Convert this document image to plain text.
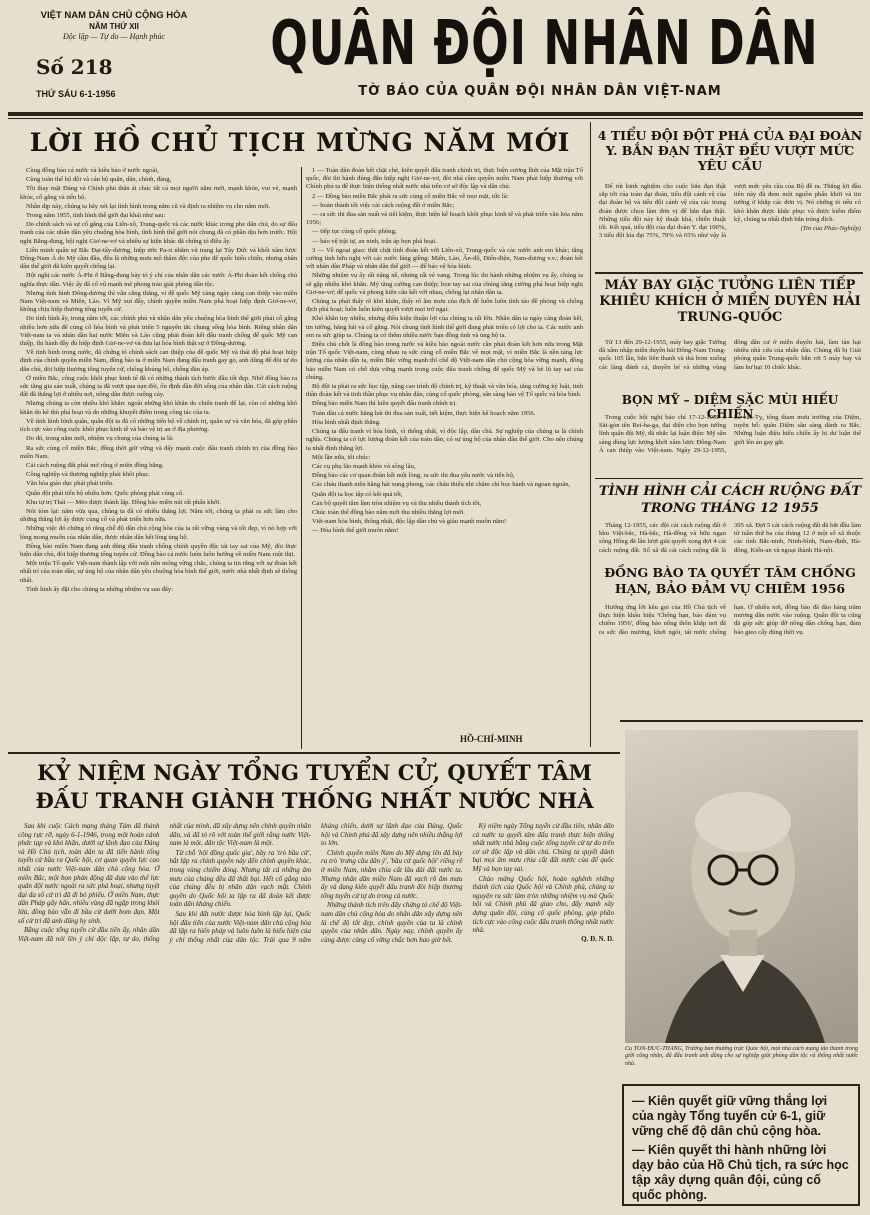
VIỆT NAM DÂN CHỦ CỘNG HÒA
NĂM THỨ XII
Độc lập — Tự do — Hạnh phúc
Số 218
THỨ SÁU 6-1-1956
QUÂN ĐỘI NHÂN DÂN
TỜ BÁO CỦA QUÂN ĐỘI NHÂN DÂN VIỆT-NAM
LỜI HỒ CHỦ TỊCH MỪNG NĂM MỚI

Cùng đồng bào cả nước và kiều bào ở nước ngoài,

Cùng toàn thể bộ đội và cán bộ quân, dân, chính, đảng,

Tôi thay mặt Đảng và Chính phủ thân ái chúc tất cả mọi người năm mới, mạnh khỏe, vui vẻ, mạnh khỏe, cố gắng và tiến bộ.

Nhân dịp này, chúng ta hãy xét lại tình hình trong năm cũ và định ra nhiệm vụ cho năm mới.

Trong năm 1955, tình hình thế giới đại khái như sau:

Do chính sách và sự cố gắng của Liên-xô, Trung-quốc và các nước khác trong phe dân chủ, do sự đấu tranh của các nhân dân yêu chuộng hòa bình, tình hình thế giới nói chung đã có phần dịu hơn trước. Hội nghị Băng-đung, hội nghị Giơ-ne-vơ và nhiều sự kiện khác đã chứng tỏ điều ấy.

Liên minh quân sự Bắc Đại-tây-dương, hiệp ước Pa-ri nhằm vũ trang lại Tây Đức và khối xâm lược Đông-Nam Á do Mỹ cầm đầu, đều là những mưu mô thâm độc của phe đế quốc hiếu chiến, nhưng nhân dân thế giới đã kiên quyết chống lại.

Hội nghị các nước Á-Phi ở Băng-đung bày tỏ ý chí của nhân dân các nước Á-Phi đoàn kết chống chủ nghĩa thực dân. Việc ấy đã cổ vũ mạnh mẽ phong trào giải phóng dân tộc.

Nhưng tình hình Đông-dương thì vẫn căng thẳng, vì đế quốc Mỹ càng ngày càng can thiệp vào miền Nam Việt-nam và Miên, Lào. Vì Mỹ xui đẩy, chính quyền miền Nam phá hoại hiệp định Giơ-ne-vơ, không chịu hiệp thương tổng tuyển cử.

Do tình hình ấy, trong năm tới, các chính phủ và nhân dân yêu chuộng hòa bình thế giới phải cố gắng nhiều hơn nữa để củng cố hòa bình và phát triển 5 nguyên tắc chung sống hòa bình. Riêng nhân dân Việt-nam ta và nhân dân hai nước Miên và Lào cũng phải đoàn kết đấu tranh chống đế quốc Mỹ can thiệp, thi hành đầy đủ hiệp định Giơ-ne-vơ và đưa lại hòa bình thật sự ở Đông-dương.

Về tình hình trong nước, đã chứng tỏ chính sách can thiệp của đế quốc Mỹ và thái độ phá hoại hiệp định của chính quyền miền Nam, đồng bào ta ở miền Nam đang đấu tranh gay go, anh dũng để đòi tự do dân chủ, đòi hiệp thương tổng tuyển cử, chống khủng bố, chống đàn áp.

Ở miền Bắc, công cuộc khôi phục kinh tế đã có những thành tích bước đầu tốt đẹp. Nhờ đồng bào ra sức tăng gia sản xuất, chúng ta đã vượt qua nạn đói, ổn định dần đời sống của nhân dân. Cải cách ruộng đất đã thắng lợi ở nhiều nơi, nông dân được ruộng cày.

Nhưng chúng ta còn nhiều khó khăn: ngoài những khó khăn do chiến tranh để lại, còn có những khó khăn do kẻ thù phá hoại và do những khuyết điểm trong công tác của ta.

Về tình hình bình quân, quân đội ta đã có những tiến bộ về chính trị, quân sự và văn hóa, đã góp phần tích cực vào công cuộc khôi phục kinh tế và bảo vệ trị an ở địa phương.

Do đó, trong năm mới, nhiệm vụ chung của chúng ta là:

Ra sức củng cố miền Bắc, đồng thời giữ vững và đẩy mạnh cuộc đấu tranh chính trị của đồng bào miền Nam.

Cải cách ruộng đất phải mở rộng ở miền đồng bằng.

Công nghiệp và thương nghiệp phải khôi phục.

Văn hóa giáo dục phải phát triển.

Quân đội phải tiến bộ nhiều hơn. Quốc phòng phải củng cố.

Khu tự trị Thái — Mèo được thành lập. Đồng bào miền núi rất phấn khởi.

Nói tóm lại: năm vừa qua, chúng ta đã có nhiều thắng lợi. Năm tới, chúng ta phải ra sức làm cho những thắng lợi ấy được củng cố và phát triển hơn nữa.

Những việc đó chứng tỏ rằng chế độ dân chủ cộng hòa của ta rất vững vàng và tốt đẹp, vì nó hợp với lòng mong muốn của nhân dân, được nhân dân hết lòng ủng hộ.

Đồng bào miền Nam đang anh dũng đấu tranh chống chính quyền độc tài tay sai của Mỹ, đòi thực hiện dân chủ, đòi hiệp thương tổng tuyển cử. Đồng bào cả nước luôn luôn hướng về miền Nam ruột thịt.

Một triệu Tổ quốc Việt-nam thành lập với một nền móng vững chắc, chúng ta tin rằng với sự đoàn kết nhất trí của toàn dân, sự ủng hộ của nhân dân yêu chuộng hòa bình thế giới, nước nhà nhất định sẽ thống nhất.

Tình hình ấy đặt cho chúng ta những nhiệm vụ sau đây:

1 — Toàn dân đoàn kết chặt chẽ, kiên quyết đấu tranh chính trị, thực hiện cương lĩnh của Mặt trận Tổ quốc, đòi thi hành đúng đắn hiệp nghị Giơ-ne-vơ, đòi nhà cầm quyền miền Nam phải hiệp thương với Chính phủ ta để thực hiện thống nhất nước nhà trên cơ sở độc lập và dân chủ.

2 — Đồng bào miền Bắc phải ra sức củng cố miền Bắc về mọi mặt, tức là:

— hoàn thành tốt việc cải cách ruộng đất ở miền Bắc;

— ra sức thi đua sản xuất và tiết kiệm, thực hiện kế hoạch khôi phục kinh tế và phát triển văn hóa năm 1956;

— tiếp tục củng cố quốc phòng;

— bảo vệ trật tự, an ninh, trấn áp bọn phá hoại.

3 — Về ngoại giao: thắt chặt tình đoàn kết với Liên-xô, Trung-quốc và các nước anh em khác; tăng cường tình hữu nghị với các nước láng giềng: Miên, Lào, Ấn-độ, Diến-điện, Nam-dương v.v.; đoàn kết với nhân dân Pháp và nhân dân thế giới — để bảo vệ hòa bình.

Những nhiệm vụ ấy rất nặng nề, nhưng rất vẻ vang. Trong lúc thi hành những nhiệm vụ ấy, chúng ta sẽ gặp nhiều khó khăn. Mỹ tăng cường can thiệp; bọn tay sai của chúng tăng cường phá hoại hiệp nghị Giơ-ne-vơ; đế quốc và phong kiến câu kết với nhau, chống lại nhân dân ta.

Chúng ta phải thấy rõ khó khăn, thấy rõ âm mưu của địch để luôn luôn tỉnh táo đề phòng và chống địch phá hoại; luôn luôn kiên quyết vượt mọi trở ngại.

Khó khăn tuy nhiều, nhưng điều kiện thuận lợi của chúng ta rất lớn. Nhân dân ta ngày càng đoàn kết, tin tưởng, hăng hái và cố gắng. Nói chung tình hình thế giới đang phát triển có lợi cho ta. Các nước anh em ra sức giúp ta. Chúng ta có thêm nhiều nước bạn đồng tình và ủng hộ ta.

Điều chủ chốt là đồng bào trong nước và kiều bào ngoài nước cần phải đoàn kết hơn nữa trong Mặt trận Tổ quốc Việt-nam, cùng nhau ra sức củng cố miền Bắc về mọi mặt, vì miền Bắc là nền tảng lực lượng của nhân dân ta, miền Bắc vững mạnh thì chế độ Việt-nam dân chủ cộng hòa vững mạnh, đồng bào miền Nam có chỗ dựa vững mạnh trong cuộc đấu tranh chống đế quốc Mỹ và bè lũ tay sai của chúng.

Bộ đội ta phải ra sức học tập, nâng cao trình độ chính trị, kỹ thuật và văn hóa, tăng cường kỷ luật, tinh thần đoàn kết và tinh thần phục vụ nhân dân, củng cố quốc phòng, sẵn sàng bảo vệ Tổ quốc và hòa bình.

Đồng bào miền Nam thì kiên quyết đấu tranh chính trị.

Toàn dân cả nước hăng hái thi đua sản xuất, tiết kiệm, thực hiện kế hoạch năm 1956.

Hòa bình nhất định thắng.

Chúng ta đấu tranh vì hòa bình, vì thống nhất, vì độc lập, dân chủ. Sự nghiệp của chúng ta là chính nghĩa. Chúng ta có lực lượng đoàn kết của toàn dân, có sự ủng hộ của nhân dân thế giới. Cho nên chúng ta nhất định thắng lợi.

Một lần nữa, tôi chúc:

Các cụ phụ lão mạnh khỏe và sống lâu,

Đồng bào các cơ quan đoàn kết một lòng, ra sức thi đua yêu nước và tiến bộ,

Các cháu thanh niên hăng hái xung phong, các cháu thiếu nhi chăm chỉ học hành và ngoan ngoãn,

Quân đội ta học tập có kết quả tốt,

Cán bộ quyết tâm làm tròn nhiệm vụ và thu nhiều thành tích tốt,

Chúc toàn thể đồng bào năm mới thu nhiều thắng lợi mới.

Việt-nam hòa bình, thống nhất, độc lập dân chủ và giàu mạnh muôn năm!

— Hòa bình thế giới muôn năm!

HỒ-CHÍ-MINH
4 TIỂU ĐỘI ĐỘT PHÁ CỦA ĐẠI ĐOÀN Y. BẮN ĐẠN THẬT ĐỀU VƯỢT MỨC YÊU CẦU

Để rút kinh nghiệm cho cuộc bắn đạn thật sắp tới của toàn đại đoàn, tiểu đội cảnh vệ của đại đoàn bộ và tiểu đội cảnh vệ của các trung đoàn được chọn làm đơn vị để bắn đạn thật. Những tiểu đội này kỹ thuật khá, chiến thuật tốt. Kết quả, tiểu đội của đại đoàn Y. đạt 100%, 3 tiểu đội kia đạt 75%, 79% và 65% như vậy là vượt mức yêu cầu của Bộ đề ra. Thắng lợi đầu tiên này đã đem một nguồn phấn khởi và tin tưởng ở khắp các đơn vị. Nó chứng tỏ nếu có khó khăn được khắc phục và được kiểm điểm kỹ, chúng ta nhất định bắn trúng đích.

(Tin của Phúc-Nghiệp)

MÁY BAY GIẶC TƯỞNG LIÊN TIẾP KHIÊU KHÍCH Ở MIỀN DUYÊN HẢI TRUNG-QUỐC

Từ 13 đến 29-12-1955, máy bay giặc Tưởng đã xâm nhập miền duyên hải Đông-Nam Trung-quốc 105 lần, bắn liên thanh và thả bom xuống các làng đánh cá, thuyền bè và những vùng đông dân cư ở miền duyên hải, làm tàn hại nhiều nhà cửa của nhân dân. Chúng đã bị Giải phóng quân Trung-quốc bắn rơi 5 máy bay và làm hư hại 10 chiếc khác.

BỌN MỸ – DIỆM SẶC MÙI HIẾU CHIẾN

Trong cuộc hội nghị báo chí 17-12-1955 ở Sài-gòn tên Rei-ha-ga, đại diện cho bọn tướng lĩnh quân đội Mỹ, đã nhắc lại luận điệu: Mỹ sẵn sàng dùng lực lượng khởi xâm lược Đông-Nam Á can thiệp vào Việt-nam. Ngày 29-12-1955, Lê-văn-Tỵ, tổng tham mưu trưởng của Diệm, tuyên bố: quân Diệm sẵn sàng đánh ra Bắc. Những luận điệu hiếu chiến ấy bị dư luận thế giới lên án gay gắt.

TÌNH HÌNH CẢI CÁCH RUỘNG ĐẤT TRONG THÁNG 12 1955

Tháng 12-1955, các đội cải cách ruộng đất ở khu Việt-bắc, Hà-bắc, Hà-đông và hữu ngạn sông Hồng đã lần lượt giải quyết xong đợt 4 cải cách ruộng đất. Số xã đã cải cách ruộng đất là 395 xã. Đợt 5 cải cách ruộng đất đã bắt đầu làm từ tuần thứ ba của tháng 12 ở một số xã thuộc các tỉnh Bắc-ninh, Ninh-bình, Nam-định, Hà-đông, Kiến-an và ngoại thành Hà-nội.

ĐỒNG BÀO TA QUYẾT TÂM CHỐNG HẠN, BẢO ĐẢM VỤ CHIÊM 1956

Hưởng ứng lời kêu gọi của Hồ Chủ tịch về thực hiện khẩu hiệu 'Chống hạn, bảo đảm vụ chiêm 1956', đồng bào nông thôn khắp nơi đã ra sức đào mương, khơi ngòi, tát nước chống hạn. Ở nhiều nơi, đồng bào đã đào hàng trăm mương dẫn nước vào ruộng. Quân đội ta cũng đã góp sức giúp đỡ nông dân chống hạn, đảm bảo gieo cấy đúng thời vụ.

KỶ NIỆM NGÀY TỔNG TUYỂN CỬ, QUYẾT TÂM
ĐẤU TRANH GIÀNH THỐNG NHẤT NƯỚC NHÀ

Sau khi cuộc Cách mạng tháng Tám đã thành công rực rỡ, ngày 6-1-1946, trong một hoàn cảnh phức tạp và khó khăn, dưới sự lãnh đạo của Đảng và Hồ Chủ tịch, toàn dân ta đã tiến hành tổng tuyển cử bầu ra Quốc hội, cơ quan quyền lực cao nhất của nước Việt-nam dân chủ cộng hòa. Ở miền Bắc, một bọn phản động đã dựa vào thế lực quân đội nước ngoài ra sức phá hoại, nhưng tuyệt đại đa số cử tri đã đi bỏ phiếu. Ở miền Nam, thực dân Pháp gây hấn, nhiều vùng đã ngập trong khói lửa, đồng bào vẫn đi bầu cử dưới bom đạn. Một số cử tri đã anh dũng hy sinh.

Bằng cuộc tổng tuyển cử đầu tiên ấy, nhân dân Việt-nam đã nói lên ý chí độc lập, tự do, thống nhất của mình, đã xây dựng nên chính quyền nhân dân, và đã tỏ rõ với toàn thế giới rằng nước Việt-nam là một, dân tộc Việt-nam là một.

Từ chỗ 'hội đồng quốc gia', bầy ra 'trò bầu cử', hắt lập ra chính quyền này đến chính quyền khác, trong vùng chiếm đóng. Nhưng tất cả những âm mưu của chúng đều đã thất bại. Hết cố gắng nào của chúng đều bị nhân dân vạch mặt. Chính quyền do Quốc hội ta lập ra đã đoàn kết được toàn dân kháng chiến.

Sau khi đất nước được hòa bình lập lại, Quốc hội đầu tiên của nước Việt-nam dân chủ cộng hòa đã lập ra hiến pháp và luôn luôn là biểu hiện của ý chí thống nhất của dân tộc. Trải qua 9 năm kháng chiến, dưới sự lãnh đạo của Đảng, Quốc hội và Chính phủ đã xây dựng nên nhiều thắng lợi to lớn.

Chính quyền miền Nam do Mỹ dựng lên đã bày ra trò 'trưng cầu dân ý', 'bầu cử quốc hội' riêng rẽ ở miền Nam, nhằm chia cắt lâu dài đất nước ta. Nhưng nhân dân miền Nam đã vạch rõ âm mưu ấy và đang kiên quyết đấu tranh đòi hiệp thương tổng tuyển cử tự do trong cả nước.

Những thành tích trên đây chứng tỏ chế độ Việt-nam dân chủ cộng hòa do nhân dân xây dựng nên là chế độ tốt đẹp, chính quyền của ta là chính quyền của nhân dân. Ngày nay, chính quyền ấy càng được củng cố vững chắc hơn bao giờ hết.

Kỷ niệm ngày Tổng tuyển cử đầu tiên, nhân dân cả nước ta quyết tâm đấu tranh thực hiện thống nhất nước nhà bằng cuộc tổng tuyển cử tự do trên cơ sở độc lập và dân chủ. Chúng ta quyết đánh bại mọi âm mưu chia cắt đất nước của đế quốc Mỹ và bọn tay sai.

Chào mừng Quốc hội, hoàn nghênh những thành tích của Quốc hội và Chính phủ, chúng ta nguyện ra sức làm tròn những nhiệm vụ mà Quốc hội và Chính phủ đã giao cho, đẩy mạnh xây dựng quân đội, củng cố quốc phòng, góp phần tích cực vào công cuộc đấu tranh thống nhất nước nhà.

Q. Đ. N. D.

Cụ TÔN-ĐỨC-THẮNG, Trưởng ban thường trực Quốc hội, một nhà cách mạng lão thành trong giới công nhân, đã đấu tranh anh dũng cho sự nghiệp giải phóng dân tộc và thống nhất nước nhà.
— Kiên quyết giữ vững thắng lợi của ngày Tổng tuyển cử 6-1, giữ vững chế độ dân chủ cộng hòa.
— Kiên quyết thi hành những lời dạy bảo của Hồ Chủ tịch, ra sức học tập xây dựng quân đội, củng cố quốc phòng.
